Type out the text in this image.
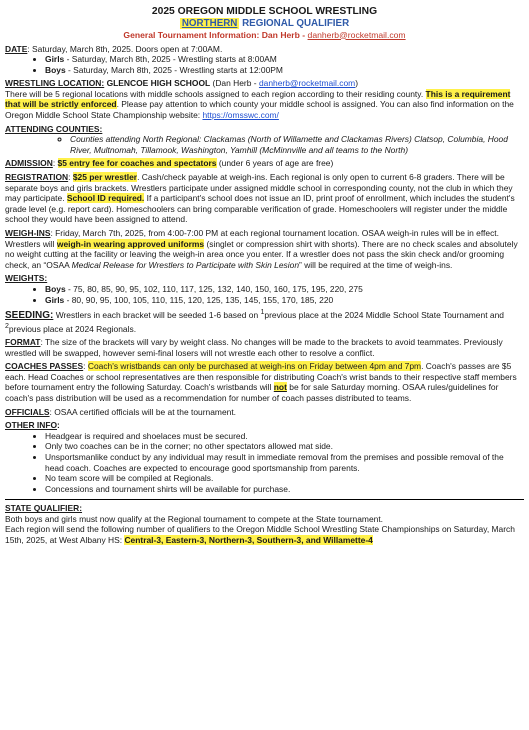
2025 OREGON MIDDLE SCHOOL WRESTLING
NORTHERN REGIONAL QUALIFIER
General Tournament Information: Dan Herb - danherb@rocketmail.com
DATE: Saturday, March 8th, 2025. Doors open at 7:00AM.
• Girls - Saturday, March 8th, 2025 - Wrestling starts at 8:00AM
• Boys - Saturday, March 8th, 2025 - Wrestling starts at 12:00PM
WRESTLING LOCATION: GLENCOE HIGH SCHOOL (Dan Herb - danherb@rocketmail.com)
There will be 5 regional locations with middle schools assigned to each region according to their residing county. This is a requirement that will be strictly enforced. Please pay attention to which county your middle school is assigned. You can also find information on the Oregon Middle School State Championship website: https://omsswc.com/
ATTENDING COUNTIES:
◦ Counties attending North Regional: Clackamas (North of Willamette and Clackamas Rivers) Clatsop, Columbia, Hood River, Multnomah, Tillamook, Washington, Yamhill (McMinnville and all teams to the North)
ADMISSION: $5 entry fee for coaches and spectators (under 6 years of age are free)
REGISTRATION: $25 per wrestler. Cash/check payable at weigh-ins. Each regional is only open to current 6-8 graders. There will be separate boys and girls brackets. Wrestlers participate under assigned middle school in corresponding county, not the club in which they may participate. School ID required. If a participant's school does not issue an ID, print proof of enrollment, which includes the student's grade level (e.g. report card). Homeschoolers can bring comparable verification of grade. Homeschoolers will register under the middle school they would have been assigned to attend.
WEIGH-INS: Friday, March 7th, 2025, from 4:00-7:00 PM at each regional tournament location. OSAA weigh-in rules will be in effect. Wrestlers will weigh-in wearing approved uniforms (singlet or compression shirt with shorts). There are no check scales and absolutely no weight cutting at the facility or leaving the weigh-in area once you enter. If a wrestler does not pass the skin check and/or grooming check, an “OSAA Medical Release for Wrestlers to Participate with Skin Lesion” will be required at the time of weigh-ins.
WEIGHTS:
• Boys - 75, 80, 85, 90, 95, 102, 110, 117, 125, 132, 140, 150, 160, 175, 195, 220, 275
• Girls - 80, 90, 95, 100, 105, 110, 115, 120, 125, 135, 145, 155, 170, 185, 220
SEEDING: Wrestlers in each bracket will be seeded 1-6 based on $^1$previous place at the 2024 Middle School State Tournament and $^2$previous place at 2024 Regionals.
FORMAT: The size of the brackets will vary by weight class. No changes will be made to the brackets to avoid teammates. Previously wrestled will be swapped, however semi-final losers will not wrestle each other to resolve a conflict.
COACHES PASSES: Coach's wristbands can only be purchased at weigh-ins on Friday between 4pm and 7pm. Coach's passes are $5 each. Head Coaches or school representatives are then responsible for distributing Coach's wrist bands to their respective staff members before tournament entry the following Saturday. Coach's wristbands will not be for sale Saturday morning. OSAA rules/guidelines for coach's pass distribution will be used as a recommendation for number of coach passes distributed to teams.
OFFICIALS: OSAA certified officials will be at the tournament.
OTHER INFO:
• Headgear is required and shoelaces must be secured.
• Only two coaches can be in the corner; no other spectators allowed mat side.
• Unsportsmanlike conduct by any individual may result in immediate removal from the premises and possible removal of the head coach. Coaches are expected to encourage good sportsmanship from parents.
• No team score will be compiled at Regionals.
• Concessions and tournament shirts will be available for purchase.
STATE QUALIFIER:
Both boys and girls must now qualify at the Regional tournament to compete at the State tournament.
Each region will send the following number of qualifiers to the Oregon Middle School Wrestling State Championships on Saturday, March 15th, 2025, at West Albany HS: Central-3, Eastern-3, Northern-3, Southern-3, and Willamette-4
